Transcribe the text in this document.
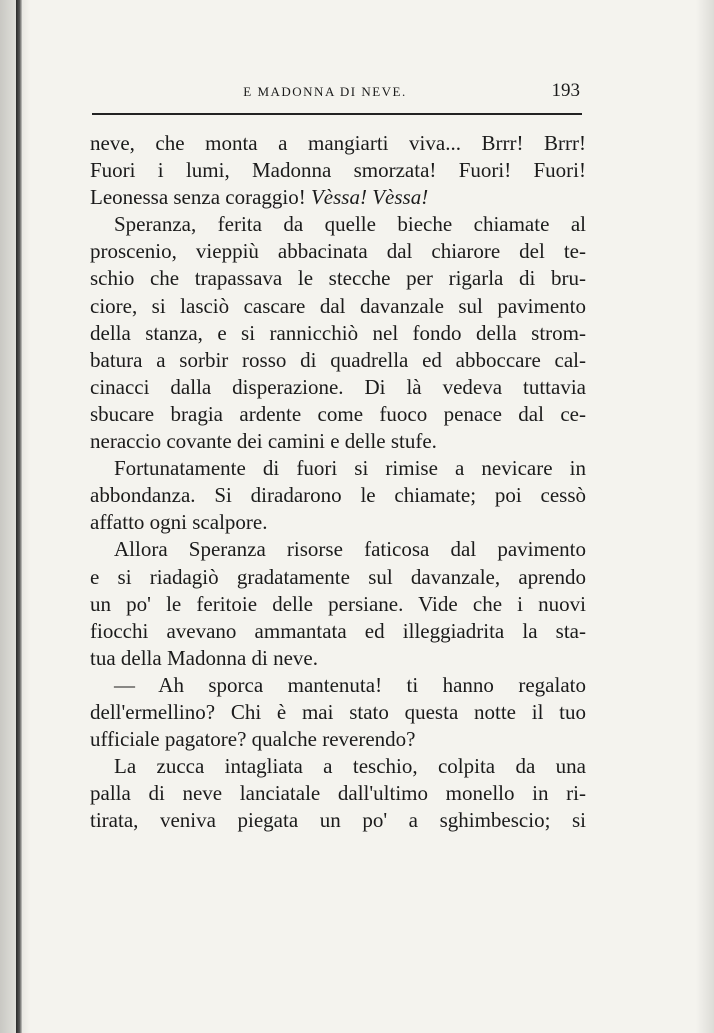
E MADONNA DI NEVE.	193
neve, che monta a mangiarti viva... Brrr! Brrr!
Fuori i lumi, Madonna smorzata! Fuori! Fuori!
Leonessa senza coraggio! Vèssa! Vèssa!
Speranza, ferita da quelle bieche chiamate al
proscenio, vieppiù abbacinata dal chiarore del te-
schio che trapassava le stecche per rigarla di bru-
ciore, si lasciò cascare dal davanzale sul pavimento
della stanza, e si rannicchiò nel fondo della strom-
batura a sorbir rosso di quadrella ed abboccare cal-
cinacci dalla disperazione. Di là vedeva tuttavia
sbucare bragia ardente come fuoco penace dal ce-
neraccio covante dei camini e delle stufe.
Fortunatamente di fuori si rimise a nevicare in
abbondanza. Si diradarono le chiamate; poi cessò
affatto ogni scalpore.
Allora Speranza risorse faticosa dal pavimento
e si riadagiò gradatamente sul davanzale, aprendo
un po' le feritoie delle persiane. Vide che i nuovi
fiocchi avevano ammantata ed illeggiadrita la sta-
tua della Madonna di neve.
— Ah sporca mantenuta! ti hanno regalato
dell'ermellino? Chi è mai stato questa notte il tuo
ufficiale pagatore? qualche reverendo?
La zucca intagliata a teschio, colpita da una
palla di neve lanciatale dall'ultimo monello in ri-
tirata, veniva piegata un po' a sghimbescio; si
